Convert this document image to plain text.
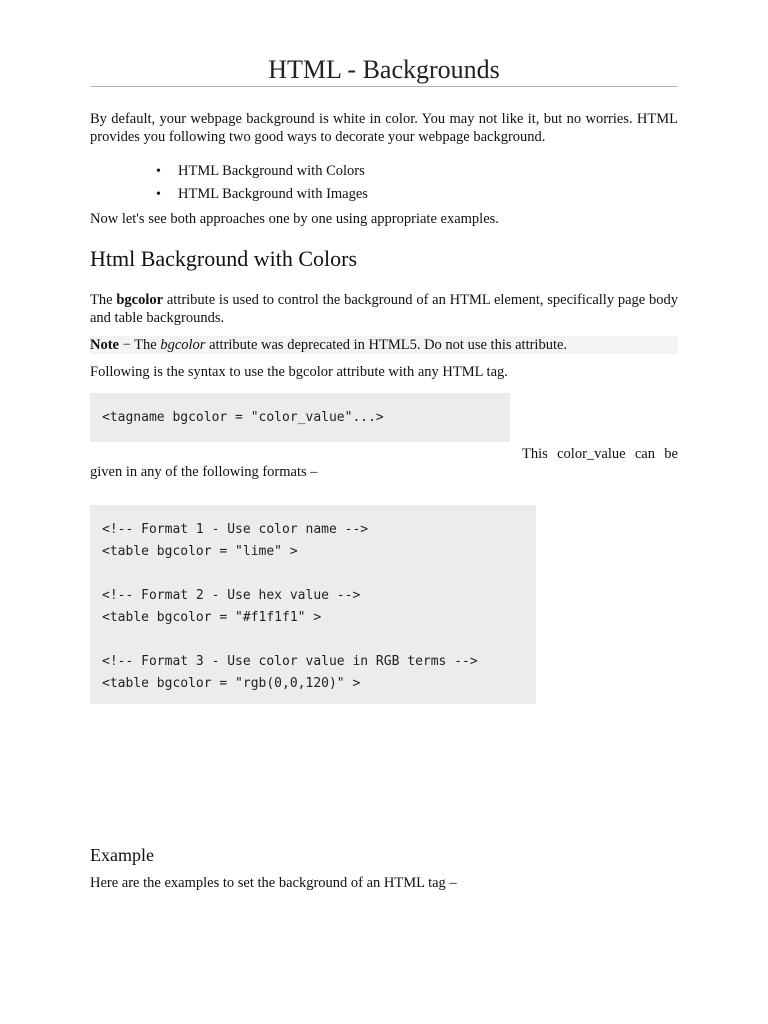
HTML - Backgrounds
By default, your webpage background is white in color. You may not like it, but no worries. HTML provides you following two good ways to decorate your webpage background.
• HTML Background with Colors
• HTML Background with Images
Now let's see both approaches one by one using appropriate examples.
Html Background with Colors
The bgcolor attribute is used to control the background of an HTML element, specifically page body and table backgrounds.
Note − The bgcolor attribute was deprecated in HTML5. Do not use this attribute.
Following is the syntax to use the bgcolor attribute with any HTML tag.
<tagname bgcolor = "color_value"...>
This color_value can be
given in any of the following formats –
<!-- Format 1 - Use color name -->
<table bgcolor = "lime" >
<!-- Format 2 - Use hex value -->
<table bgcolor = "#f1f1f1" >
<!-- Format 3 - Use color value in RGB terms -->
<table bgcolor = "rgb(0,0,120)" >
Example
Here are the examples to set the background of an HTML tag –
